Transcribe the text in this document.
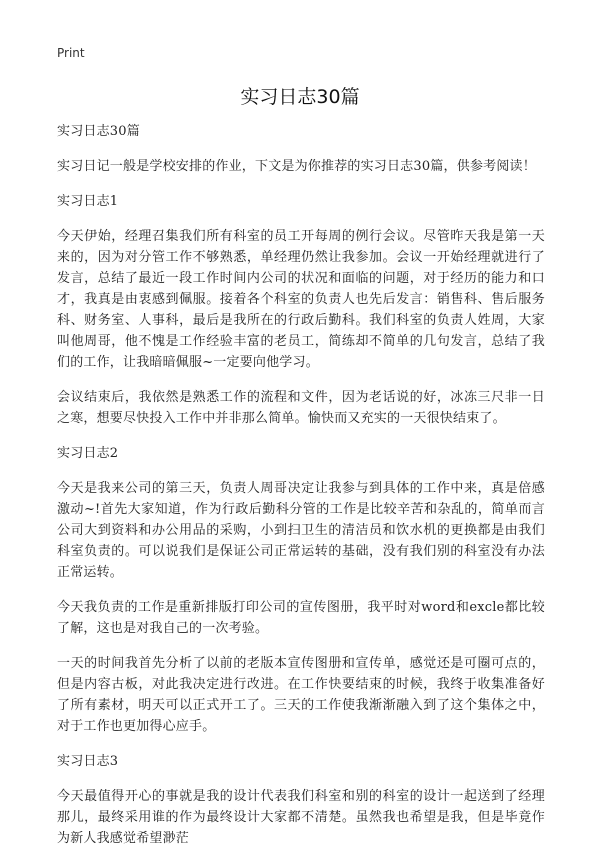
Print
实习日志30篇

实习日志30篇

实习日记一般是学校安排的作业，下文是为你推荐的实习日志30篇，供参考阅读！

实习日志1

今天伊始，经理召集我们所有科室的员工开每周的例行会议。尽管昨天我是第一天来的，因为对分管工作不够熟悉，单经理仍然让我参加。会议一开始经理就进行了发言，总结了最近一段工作时间内公司的状况和面临的问题，对于经历的能力和口才，我真是由衷感到佩服。接着各个科室的负责人也先后发言：销售科、售后服务科、财务室、人事科，最后是我所在的行政后勤科。我们科室的负责人姓周，大家叫他周哥，他不愧是工作经验丰富的老员工，简练却不简单的几句发言，总结了我们的工作，让我暗暗佩服~一定要向他学习。

会议结束后，我依然是熟悉工作的流程和文件，因为老话说的好，冰冻三尺非一日之寒，想要尽快投入工作中并非那么简单。愉快而又充实的一天很快结束了。

实习日志2

今天是我来公司的第三天，负责人周哥决定让我参与到具体的工作中来，真是倍感激动~!首先大家知道，作为行政后勤科分管的工作是比较辛苦和杂乱的，简单而言公司大到资料和办公用品的采购，小到扫卫生的清洁员和饮水机的更换都是由我们科室负责的。可以说我们是保证公司正常运转的基础，没有我们别的科室没有办法正常运转。

今天我负责的工作是重新排版打印公司的宣传图册，我平时对word和excle都比较了解，这也是对我自己的一次考验。

一天的时间我首先分析了以前的老版本宣传图册和宣传单，感觉还是可圈可点的，但是内容古板，对此我决定进行改进。在工作快要结束的时候，我终于收集准备好了所有素材，明天可以正式开工了。三天的工作使我渐渐融入到了这个集体之中，对于工作也更加得心应手。

实习日志3

今天最值得开心的事就是我的设计代表我们科室和别的科室的设计一起送到了经理那儿，最终采用谁的作为最终设计大家都不清楚。虽然我也希望是我，但是毕竟作为新人我感觉希望渺茫
